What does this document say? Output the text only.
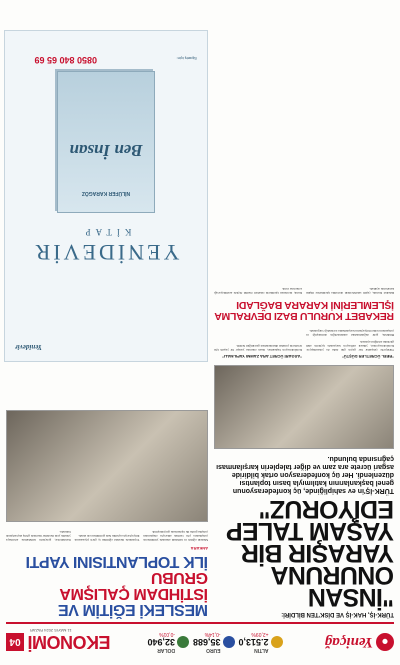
●
Yeniçağ
ALTIN
2.513,0
+2,09%
EURO
35,688
-0,14%
DOLAR
32,940
-0,01%
EKONOMİ
04
11 MAYIS 2024 PAZAR
TÜRK-İŞ, HAK-İŞ VE DİSK'TEN BİLDİRİ:
"İNSAN ONURUNA YARAŞIR BİR YAŞAM TALEP EDİYORUZ"
TÜRK-İŞ'in ev sahipliğinde, üç konfederasyonun genel başkanlarının katılımıyla basın toplantısı düzenlendi. Her üç konfederasyon ortak bildiride asgari ücrete ara zam ve diğer taleplerin karşılanması çağrısında bulundu.
"REEL ÜCRETLER DÜŞTÜ"

Türkiye'de çalışanlar her geçen gün daha da yoksullaşıyor. Konfederasyonlar, yüksek enflasyon karşısında işçilerin alım gücünün eridiğini açıkladı.

Bildiride, gelir dağılımındaki adaletsizliğin derinleştiği ve çalışanların temel ihtiyaçlarını karşılamakta zorlandığı vurgulandı.

"ASGARİ ÜCRET ARA ZAMMI YAPILMALI"

Konfederasyon başkanları, insan onuruna yaraşır bir yaşam için ücretlerin yeniden düzenlenmesi gerektiğini belirtti.

REKABET KURULU BAZI DEVRALMA İŞLEMLERİNİ KARARA BAĞLADI

Rekabet Kurulu, çeşitli sektörlerdeki devralma işlemlerine ilişkin kararlarını açıkladı.

Kurul, incelenen işlemlerin rekabeti önemli ölçüde azaltmayacağı sonucuna vardı.

MESLEKİ EĞİTİM VE
İSTİHDAM ÇALIŞMA GRUBU
İLK TOPLANTISINI YAPTI
ANKARA

Mesleki eğitim ve istihdam alanında yürütülecek çalışmalara yön vermek amacıyla oluşturulan çalışma grubu ilk toplantısını gerçekleştirdi.

Toplantıda mesleki eğitimin iş gücü piyasasının ihtiyaçlarıyla uyumlu hale getirilmesi ele alındı.

Katılımcılar, gençlerin istihdamını artırmaya yönelik yeni modeller üzerinde görüş alışverişinde bulundu.

Yenidevir
YENİDEVİR
KİTAP
NİLÜFER KARAGÖZ
Ben İnsan
Sipariş için:
0850 840 65 69
